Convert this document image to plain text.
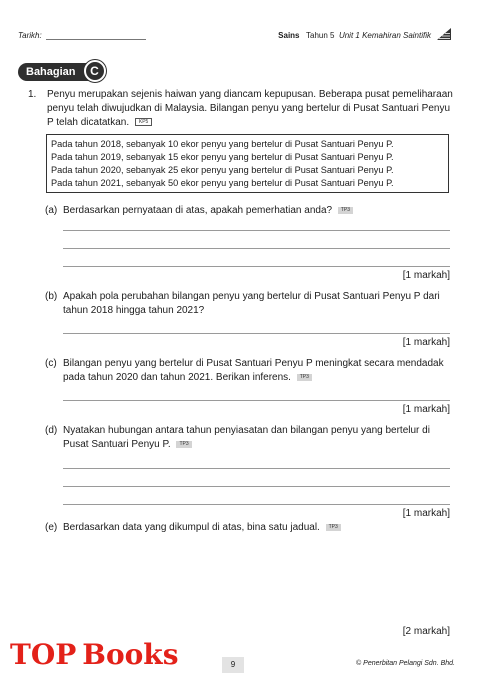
Tarikh:	Sains Tahun 5 Unit 1 Kemahiran Saintifik
Bahagian	C
1. Penyu merupakan sejenis haiwan yang diancam kepupusan. Beberapa pusat pemeliharaan penyu telah diwujudkan di Malaysia. Bilangan penyu yang bertelur di Pusat Santuari Penyu P telah dicatatkan. KP5
Pada tahun 2018, sebanyak 10 ekor penyu yang bertelur di Pusat Santuari Penyu P.
Pada tahun 2019, sebanyak 15 ekor penyu yang bertelur di Pusat Santuari Penyu P.
Pada tahun 2020, sebanyak 25 ekor penyu yang bertelur di Pusat Santuari Penyu P.
Pada tahun 2021, sebanyak 50 ekor penyu yang bertelur di Pusat Santuari Penyu P.
(a) Berdasarkan pernyataan di atas, apakah pemerhatian anda? TP3
[1 markah]
(b) Apakah pola perubahan bilangan penyu yang bertelur di Pusat Santuari Penyu P dari tahun 2018 hingga tahun 2021?
[1 markah]
(c) Bilangan penyu yang bertelur di Pusat Santuari Penyu P meningkat secara mendadak pada tahun 2020 dan tahun 2021. Berikan inferens. TP3
[1 markah]
(d) Nyatakan hubungan antara tahun penyiasatan dan bilangan penyu yang bertelur di Pusat Santuari Penyu P. TP3
[1 markah]
(e) Berdasarkan data yang dikumpul di atas, bina satu jadual. TP3
[2 markah]
TOP Books	9	© Penerbitan Pelangi Sdn. Bhd.
